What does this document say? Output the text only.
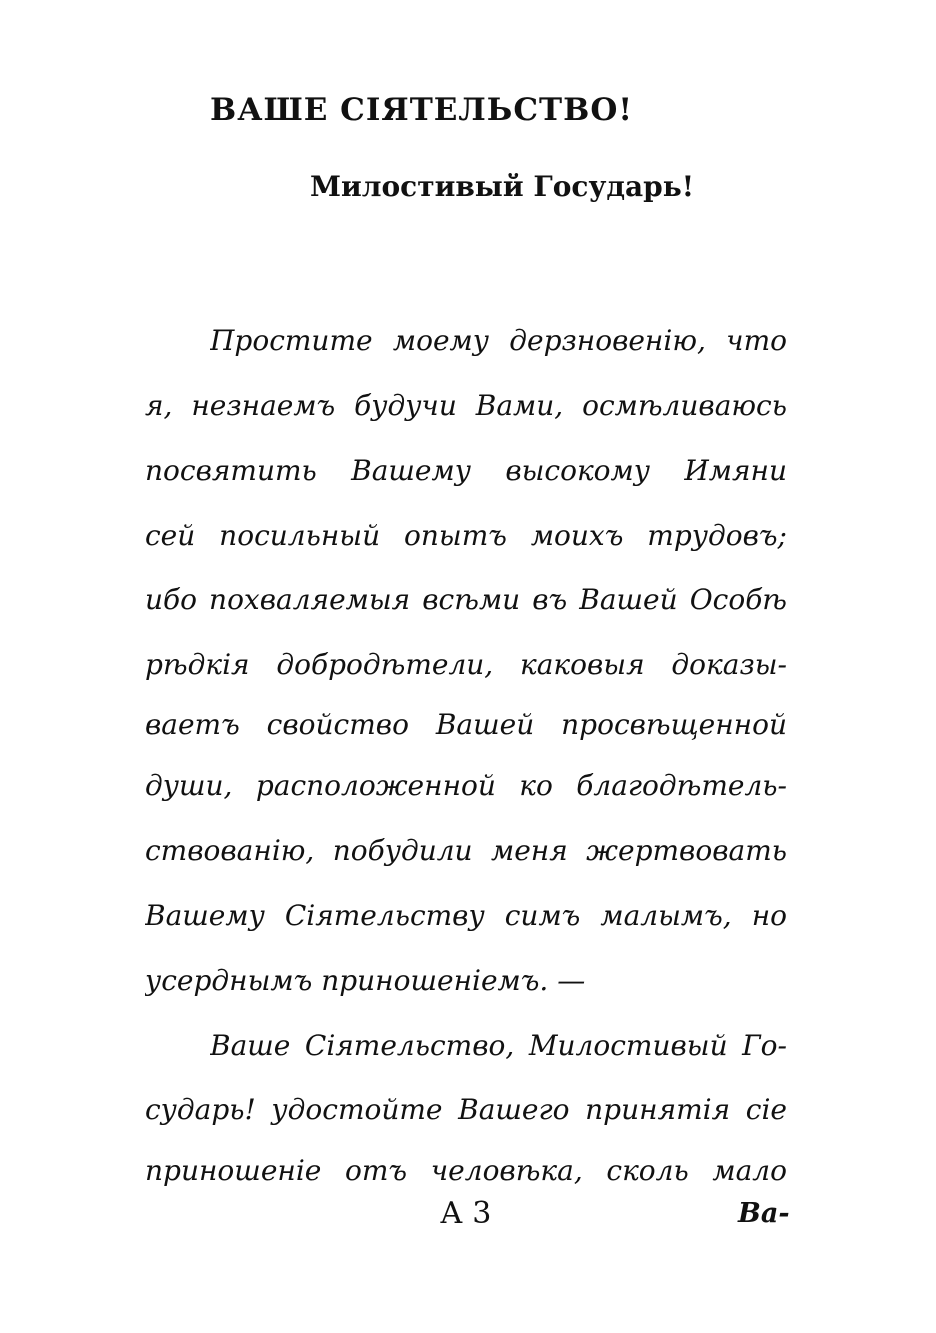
ВАШЕ СІЯТЕЛЬСТВО!
Милостивый Государь!
Простите моему дерзновенію, что
я, незнаемъ будучи Вами, осмѣливаюсь
посвятить Вашему высокому Имяни
сей посильный опытъ моихъ трудовъ;
ибо похваляемыя всѣми въ Вашей Особѣ
рѣдкія добродѣтели, каковыя доказы-
ваетъ свойство Вашей просвѣщенной
души, расположенной ко благодѣтель-
ствованію, побудили меня жертвовать
Вашему Сіятельству симъ малымъ, но
усерднымъ приношеніемъ. —
Ваше Сіятельство, Милостивый Го-
сударь! удостойте Вашего принятія сіе
приношеніе отъ человѣка, сколь мало
А 3	Ва-
